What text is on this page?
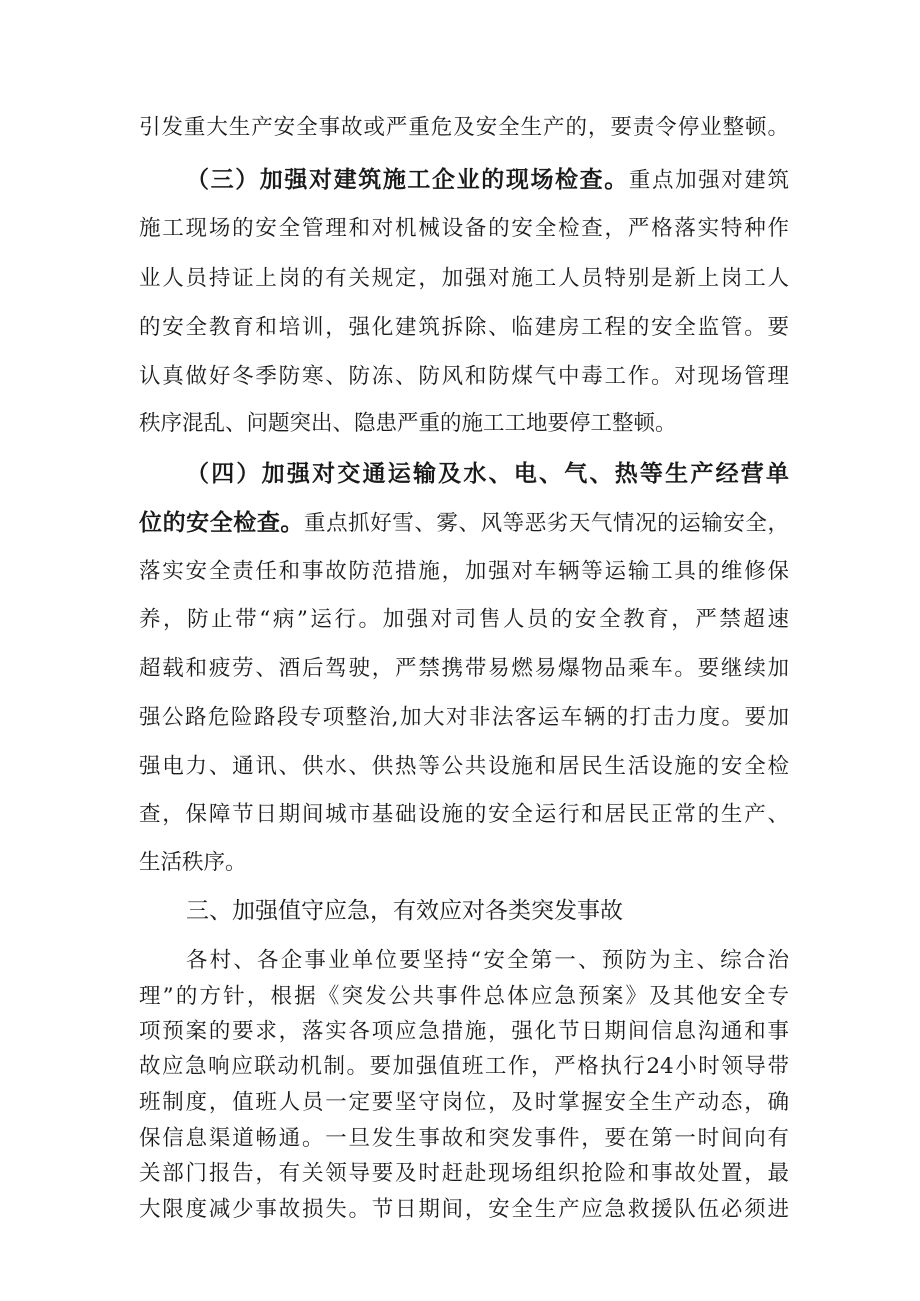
引发重大生产安全事故或严重危及安全生产的，要责令停业整顿。
（三）加强对建筑施工企业的现场检查。重点加强对建筑
施工现场的安全管理和对机械设备的安全检查，严格落实特种作
业人员持证上岗的有关规定，加强对施工人员特别是新上岗工人
的安全教育和培训，强化建筑拆除、临建房工程的安全监管。要
认真做好冬季防寒、防冻、防风和防煤气中毒工作。对现场管理
秩序混乱、问题突出、隐患严重的施工工地要停工整顿。
（四）加强对交通运输及水、电、气、热等生产经营单
位的安全检查。重点抓好雪、雾、风等恶劣天气情况的运输安全，
落实安全责任和事故防范措施，加强对车辆等运输工具的维修保
养，防止带“病”运行。加强对司售人员的安全教育，严禁超速
超载和疲劳、酒后驾驶，严禁携带易燃易爆物品乘车。要继续加
强公路危险路段专项整治,加大对非法客运车辆的打击力度。要加
强电力、通讯、供水、供热等公共设施和居民生活设施的安全检
查，保障节日期间城市基础设施的安全运行和居民正常的生产、
生活秩序。
三、加强值守应急，有效应对各类突发事故
各村、各企事业单位要坚持“安全第一、预防为主、综合治
理”的方针，根据《突发公共事件总体应急预案》及其他安全专
项预案的要求，落实各项应急措施，强化节日期间信息沟通和事
故应急响应联动机制。要加强值班工作，严格执行24小时领导带
班制度，值班人员一定要坚守岗位，及时掌握安全生产动态，确
保信息渠道畅通。一旦发生事故和突发事件，要在第一时间向有
关部门报告，有关领导要及时赶赴现场组织抢险和事故处置，最
大限度减少事故损失。节日期间，安全生产应急救援队伍必须进
